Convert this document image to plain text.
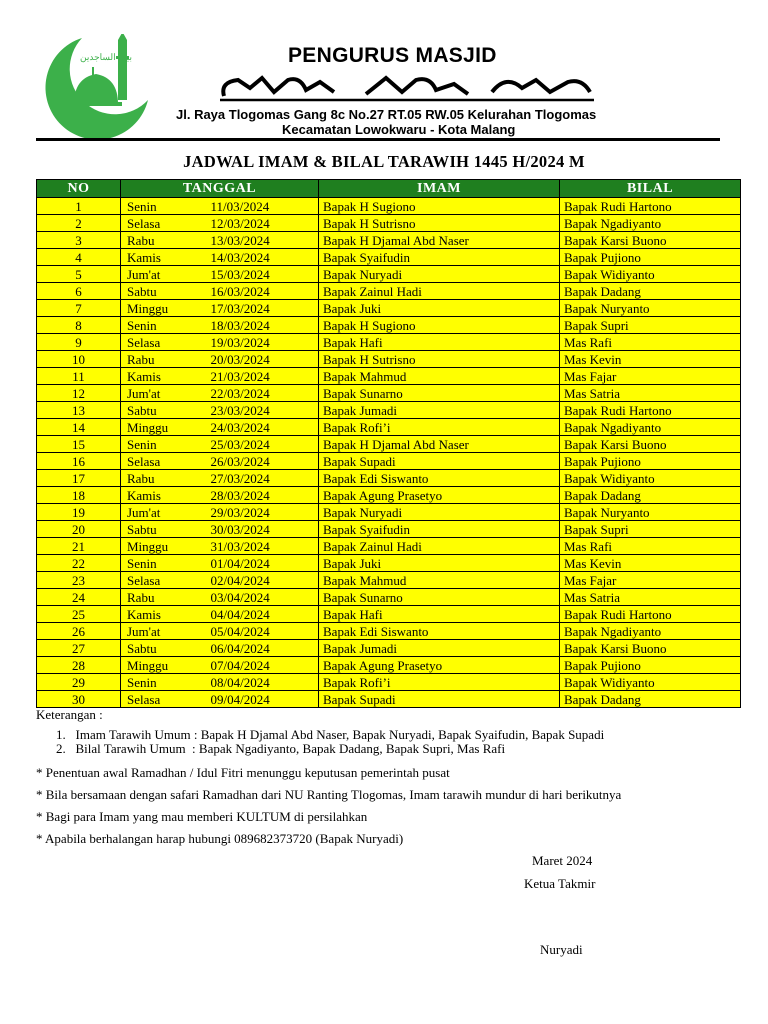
بيت الساجدين	PENGURUS MASJID
Baitus Sajidin
Jl. Raya Tlogomas Gang 8c No.27 RT.05 RW.05 Kelurahan Tlogomas
Kecamatan Lowokwaru - Kota Malang
JADWAL IMAM & BILAL TARAWIH 1445 H/2024 M
NO	TANGGAL		IMAM	BILAL
1	Senin	11/03/2024	Bapak H Sugiono	Bapak Rudi Hartono
2	Selasa	12/03/2024	Bapak H Sutrisno	Bapak Ngadiyanto
3	Rabu	13/03/2024	Bapak H Djamal Abd Naser	Bapak Karsi Buono
4	Kamis	14/03/2024	Bapak Syaifudin	Bapak Pujiono
5	Jum'at	15/03/2024	Bapak Nuryadi	Bapak Widiyanto
6	Sabtu	16/03/2024	Bapak Zainul Hadi	Bapak Dadang
7	Minggu	17/03/2024	Bapak Juki	Bapak Nuryanto
8	Senin	18/03/2024	Bapak H Sugiono	Bapak Supri
9	Selasa	19/03/2024	Bapak Hafi	Mas Rafi
10	Rabu	20/03/2024	Bapak H Sutrisno	Mas Kevin
11	Kamis	21/03/2024	Bapak Mahmud	Mas Fajar
12	Jum'at	22/03/2024	Bapak Sunarno	Mas Satria
13	Sabtu	23/03/2024	Bapak Jumadi	Bapak Rudi Hartono
14	Minggu	24/03/2024	Bapak Rofi’i	Bapak Ngadiyanto
15	Senin	25/03/2024	Bapak H Djamal Abd Naser	Bapak Karsi Buono
16	Selasa	26/03/2024	Bapak Supadi	Bapak Pujiono
17	Rabu	27/03/2024	Bapak Edi Siswanto	Bapak Widiyanto
18	Kamis	28/03/2024	Bapak Agung Prasetyo	Bapak Dadang
19	Jum'at	29/03/2024	Bapak Nuryadi	Bapak Nuryanto
20	Sabtu	30/03/2024	Bapak Syaifudin	Bapak Supri
21	Minggu	31/03/2024	Bapak Zainul Hadi	Mas Rafi
22	Senin	01/04/2024	Bapak Juki	Mas Kevin
23	Selasa	02/04/2024	Bapak Mahmud	Mas Fajar
24	Rabu	03/04/2024	Bapak Sunarno	Mas Satria
25	Kamis	04/04/2024	Bapak Hafi	Bapak Rudi Hartono
26	Jum'at	05/04/2024	Bapak Edi Siswanto	Bapak Ngadiyanto
27	Sabtu	06/04/2024	Bapak Jumadi	Bapak Karsi Buono
28	Minggu	07/04/2024	Bapak Agung Prasetyo	Bapak Pujiono
29	Senin	08/04/2024	Bapak Rofi’i	Bapak Widiyanto
30	Selasa	09/04/2024	Bapak Supadi	Bapak Dadang
Keterangan :
1.   Imam Tarawih Umum : Bapak H Djamal Abd Naser, Bapak Nuryadi, Bapak Syaifudin, Bapak Supadi
2.   Bilal Tarawih Umum  : Bapak Ngadiyanto, Bapak Dadang, Bapak Supri, Mas Rafi
* Penentuan awal Ramadhan / Idul Fitri menunggu keputusan pemerintah pusat
* Bila bersamaan dengan safari Ramadhan dari NU Ranting Tlogomas, Imam tarawih mundur di hari berikutnya
* Bagi para Imam yang mau memberi KULTUM di persilahkan
* Apabila berhalangan harap hubungi 089682373720 (Bapak Nuryadi)
Maret 2024
Ketua Takmir
Nuryadi
